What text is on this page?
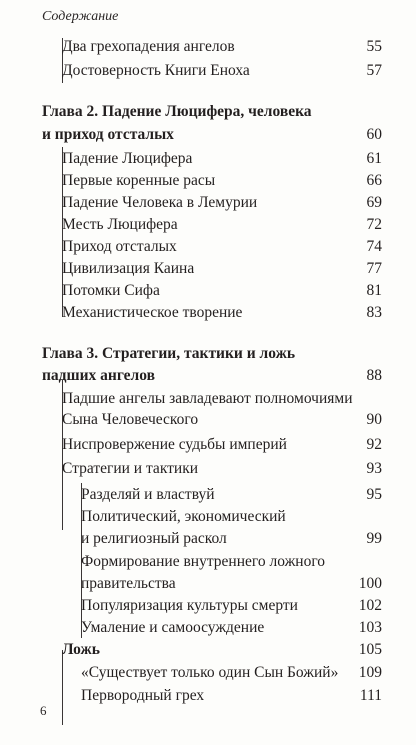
Содержание
Два грехопадения ангелов	55
Достоверность Книги Еноха	57
Глава 2. Падение Люцифера, человека
и приход отсталых	60
Падение Люцифера	61
Первые коренные расы	66
Падение Человека в Лемурии	69
Месть Люцифера	72
Приход отсталых	74
Цивилизация Каина	77
Потомки Сифа	81
Механистическое творение	83
Глава 3. Стратегии, тактики и ложь
падших ангелов	88
Падшие ангелы завладевают полномочиями
Сына Человеческого	90
Ниспровержение судьбы империй	92
Стратегии и тактики	93
Разделяй и властвуй	95
Политический, экономический
и религиозный раскол	99
Формирование внутреннего ложного
правительства	100
Популяризация культуры смерти	102
Умаление и самоосуждение	103
Ложь	105
«Существует только один Сын Божий» 109
Первородный грех	111
6
